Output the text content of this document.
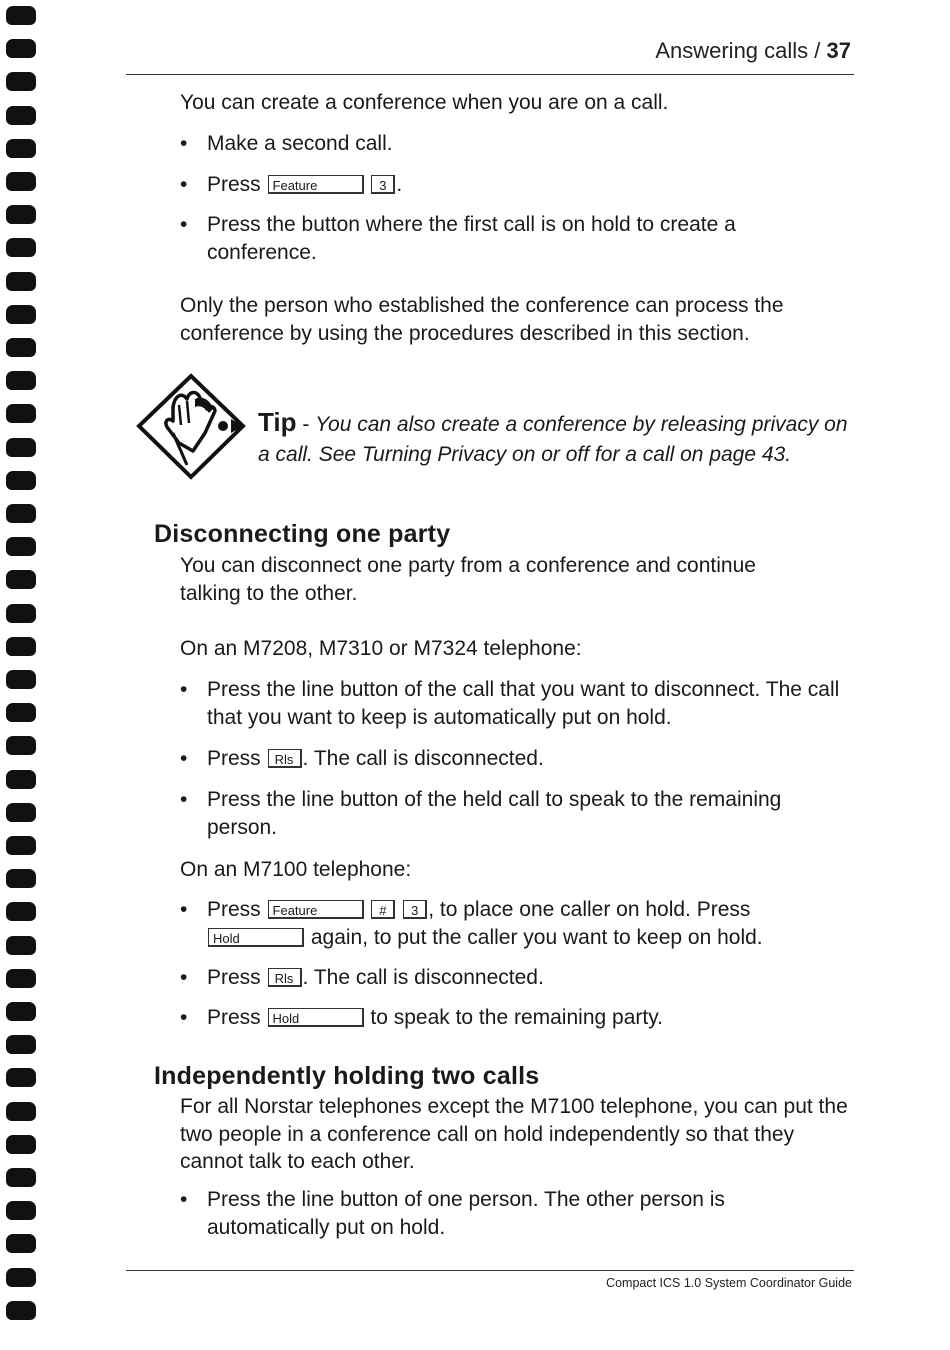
Answering calls / 37

You can create a conference when you are on a call.

• Make a second call.
• Press Feature	3 .
• Press the button where the first call is on hold to create a conference.

Only the person who established the conference can process the conference by using the procedures described in this section.

Tip - You can also create a conference by releasing privacy on a call. See Turning Privacy on or off for a call on page 43.
Disconnecting one party

You can disconnect one party from a conference and continue talking to the other.

On an M7208, M7310 or M7324 telephone:

• Press the line button of the call that you want to disconnect. The call that you want to keep is automatically put on hold.
• Press Rls . The call is disconnected.
• Press the line button of the held call to speak to the remaining person.

On an M7100 telephone:

• Press Feature	# 3 , to place one caller on hold. Press
Hold	again, to put the caller you want to keep on hold.
• Press Rls . The call is disconnected.
• Press Hold	to speak to the remaining party.
Independently holding two calls

For all Norstar telephones except the M7100 telephone, you can put the two people in a conference call on hold independently so that they cannot talk to each other.

• Press the line button of one person. The other person is automatically put on hold.
Compact ICS 1.0 System Coordinator Guide
